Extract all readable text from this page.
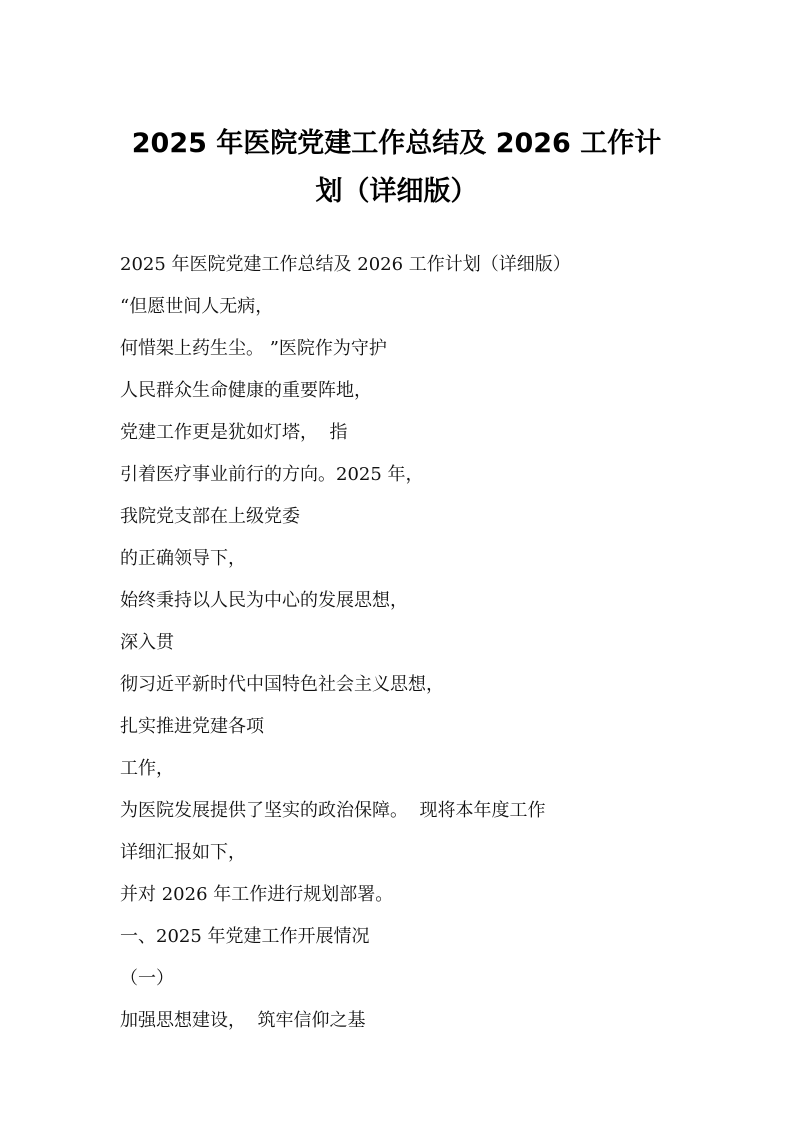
2025 年医院党建工作总结及 2026 工作计
划（详细版）
2025 年医院党建工作总结及 2026 工作计划（详细版）
“但愿世间人无病，
何惜架上药生尘。 ”医院作为守护
人民群众生命健康的重要阵地，
党建工作更是犹如灯塔，  指
引着医疗事业前行的方向。2025 年，
我院党支部在上级党委
的正确领导下，
始终秉持以人民为中心的发展思想，
深入贯
彻习近平新时代中国特色社会主义思想，
扎实推进党建各项
工作，
为医院发展提供了坚实的政治保障。  现将本年度工作
详细汇报如下，
并对 2026 年工作进行规划部署。
一、2025 年党建工作开展情况
（一）
加强思想建设，  筑牢信仰之基
